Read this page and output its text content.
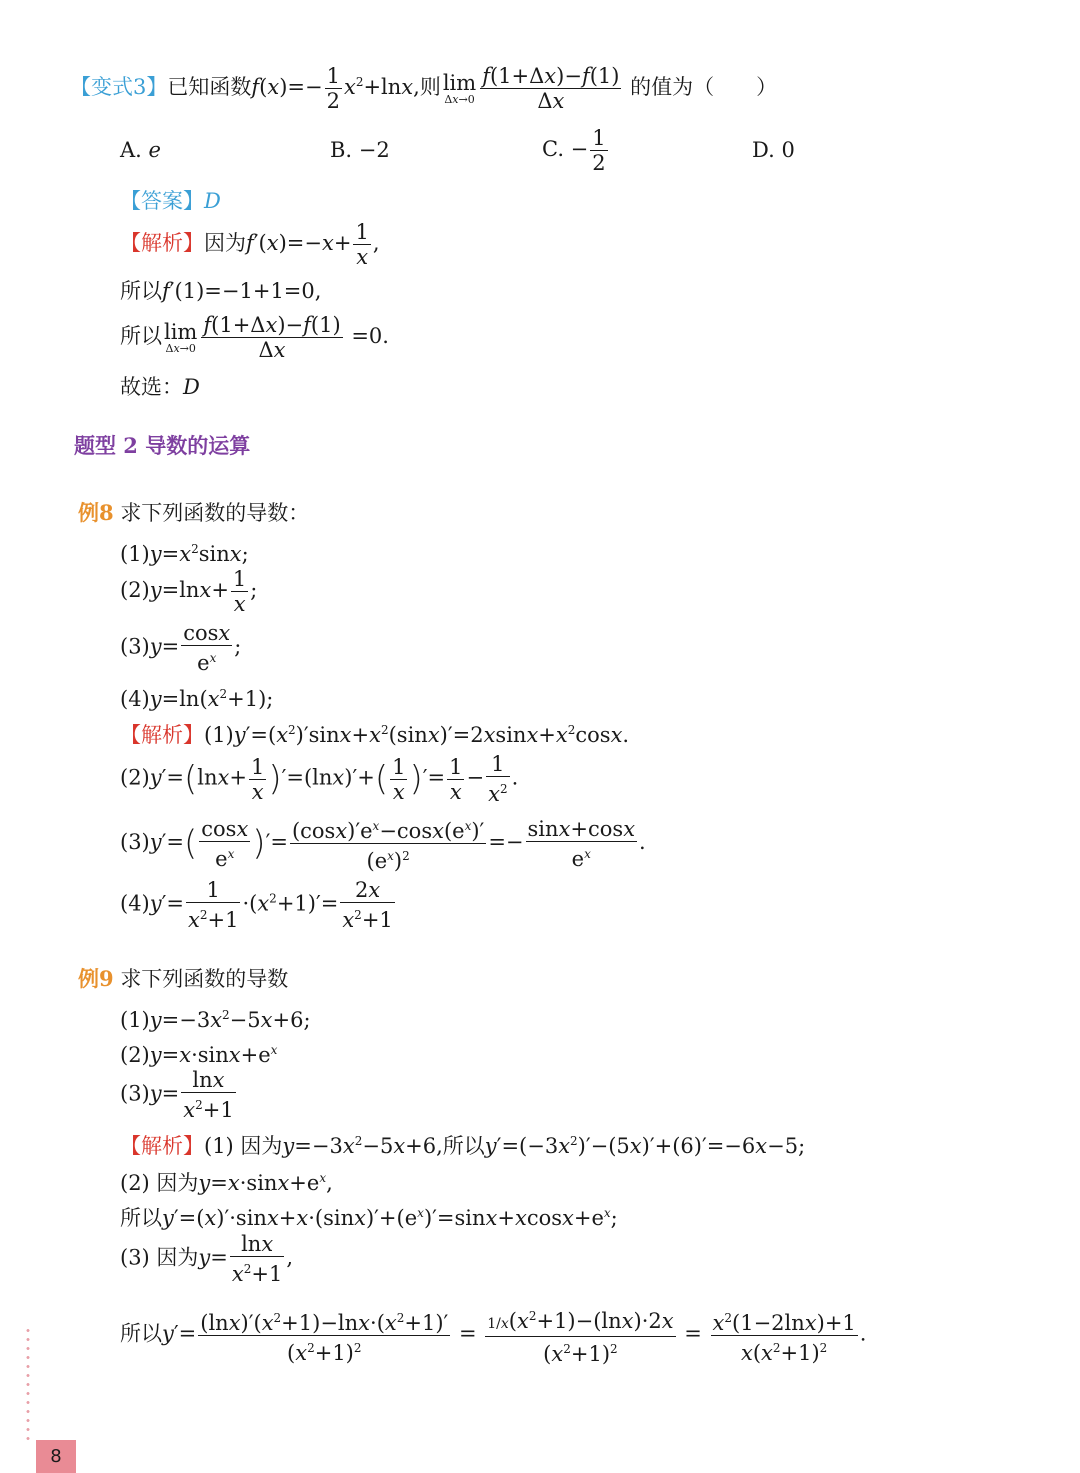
【变式3】已知函数$f(x)=- \frac{1}{2} x^2+\ln x$,则 lim
$\Delta x\to 0 \frac{f(1+\Delta x)-f(1)}{\Delta x}$ 的值为（　　）
A. e	B. −2	C. − $\frac{1}{2}$	D. 0
【答案】D
【解析】因为$f'(x)=-x+ \frac{1}{x}$ ,
所以f′(1)=−1+1=0,
所以 lim
$\Delta x\to 0 \frac{f(1+\Delta x)-f(1)}{\Delta x} =0$.
故选：D
题型 2 导数的运算
例8 求下列函数的导数：
$(1)y=x^2\sin x$;
$(2)y=\ln x+ \frac{1}{x}$ ;
$(3)y= \frac{\cos x}{e^x}$ ;
$(4)y=\ln(x^2+1)$;
【解析】$(1)y'=(x^2)'\sin x+x^2(\sin x)'=2xsinx+x^2\cos x$.
$(2)y'=(\ln x+ \frac{1}{x} )'=(\ln x)'+( \frac{1}{x}$ )′= $\frac{1}{x} - \frac{1}{x^2}$ .
$(3)y'=( \frac{\cos x}{e^x}$ )′= $\frac{(\cos x)'e^x-\cos x(e^x)'}{(e^x)^2} =- \frac{\sin x+\cos x}{e^x}$ .
$(4)y'= \frac{1}{x^2+1} \cdot(x^2+1)'= \frac{2x}{x^2+1}$
例9 求下列函数的导数
$(1)y=-3x^2-5x+6$;
$(2)y=x\cdot\sin x+e^x$
$(3)y= \frac{\ln x}{x^2+1}$
【解析】(1) 因为$y=-3x^2-5x+6$,所以$y'=(-3x^2)'-(5x)'+(6)'=-6x-5$;
(2) 因为$y=x\cdot\sin x+e^x$,
所以$y'=(x)'\cdot\sin x+x\cdot(\sin x)'+(e^x)'=\sin x+xcosx+e^x$;
(3) 因为$y= \frac{\ln x}{x^2+1}$ ,
所以$y'= \frac{(\ln x)'(x^2+1)-\ln x\cdot(x^2+1)'}{(x^2+1)^2} = \frac{1/x(x^2+1)-(\ln x)\cdot 2x}{(x^2+1)^2} = \frac{x^2(1-2\ln x)+1}{x(x^2+1)^2}$ .
8
